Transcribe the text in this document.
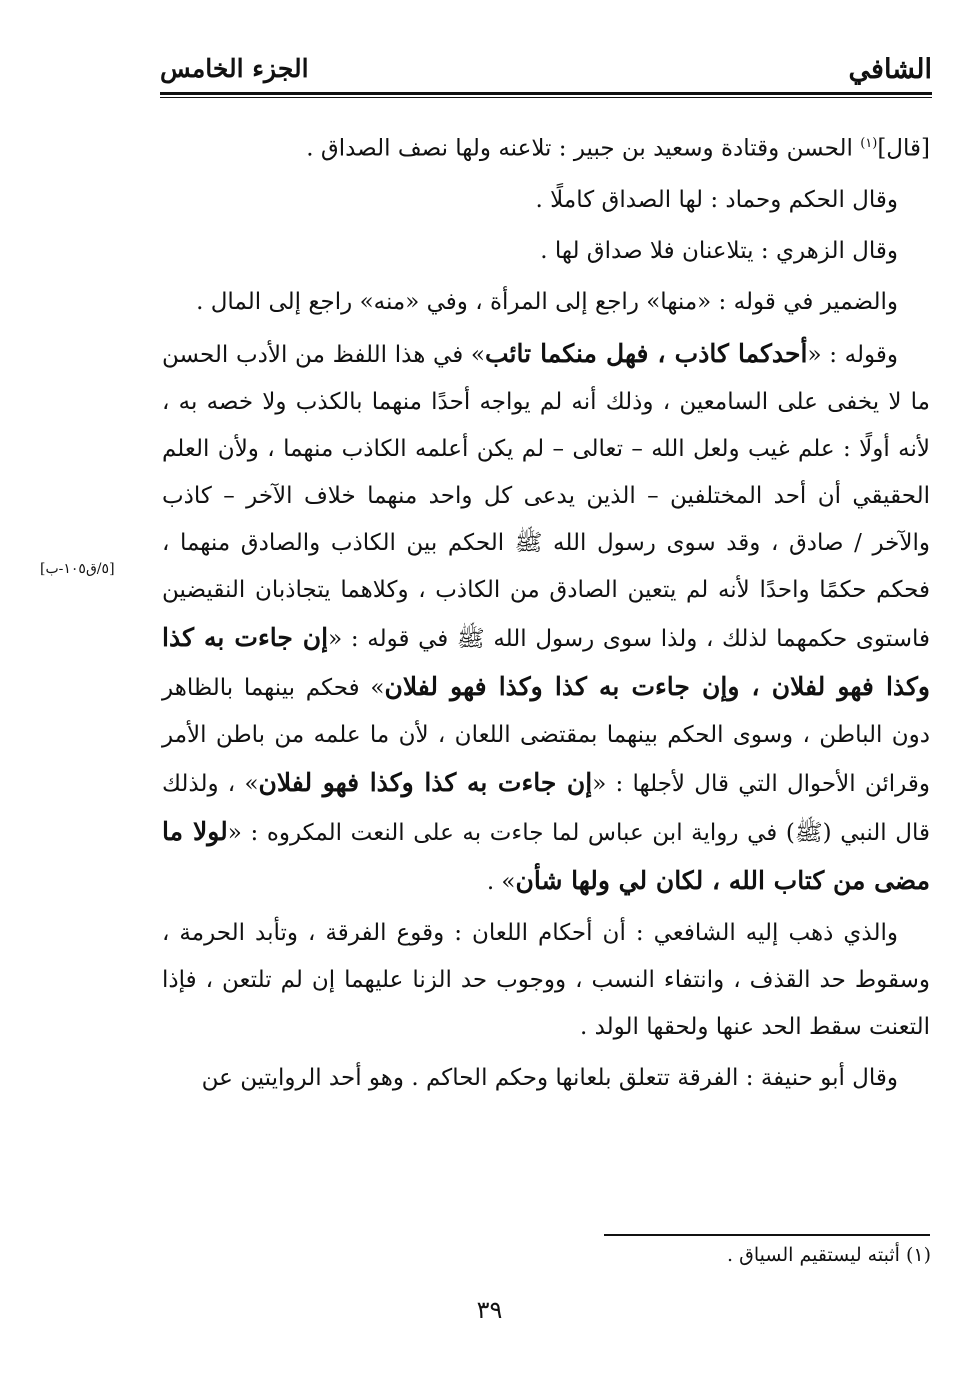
الشافي
الجزء الخامس

[قال]$^{(١)}$ الحسن وقتادة وسعيد بن جبير : تلاعنه ولها نصف الصداق .

وقال الحكم وحماد : لها الصداق كاملًا .

وقال الزهري : يتلاعنان فلا صداق لها .

والضمير في قوله : «منها» راجع إلى المرأة ، وفي «منه» راجع إلى المال .

وقوله : «أحدكما كاذب ، فهل منكما تائب» في هذا اللفظ من الأدب الحسن ما لا يخفى على السامعين ، وذلك أنه لم يواجه أحدًا منهما بالكذب ولا خصه به ، لأنه أولًا : علم غيب ولعل الله – تعالى – لم يكن أعلمه الكاذب منهما ، ولأن العلم الحقيقي أن أحد المختلفين – الذين يدعى كل واحد منهما خلاف الآخر – كاذب والآخر / صادق ، وقد سوى رسول الله ﷺ الحكم بين الكاذب والصادق منهما ، فحكم حكمًا واحدًا لأنه لم يتعين الصادق من الكاذب ، وكلاهما يتجاذبان النقيضين فاستوى حكمهما لذلك ، ولذا سوى رسول الله ﷺ في قوله : «إن جاءت به كذا وكذا فهو لفلان ، وإن جاءت به كذا وكذا فهو لفلان» فحكم بينهما بالظاهر دون الباطن ، وسوى الحكم بينهما بمقتضى اللعان ، لأن ما علمه من باطن الأمر وقرائن الأحوال التي قال لأجلها : «إن جاءت به كذا وكذا فهو لفلان» ، ولذلك قال النبي (ﷺ) في رواية ابن عباس لما جاءت به على النعت المكروه : «لولا ما مضى من كتاب الله ، لكان لي ولها شأن» .

والذي ذهب إليه الشافعي : أن أحكام اللعان : وقوع الفرقة ، وتأبد الحرمة ، وسقوط حد القذف ، وانتفاء النسب ، ووجوب حد الزنا عليهما إن لم تلتعن ، فإذا التعنت سقط الحد عنها ولحقها الولد .

وقال أبو حنيفة : الفرقة تتعلق بلعانها وحكم الحاكم . وهو أحد الروايتين عن

[٥/ق١٠٥-ب]
(١) أثبته ليستقيم السياق .
٣٩
